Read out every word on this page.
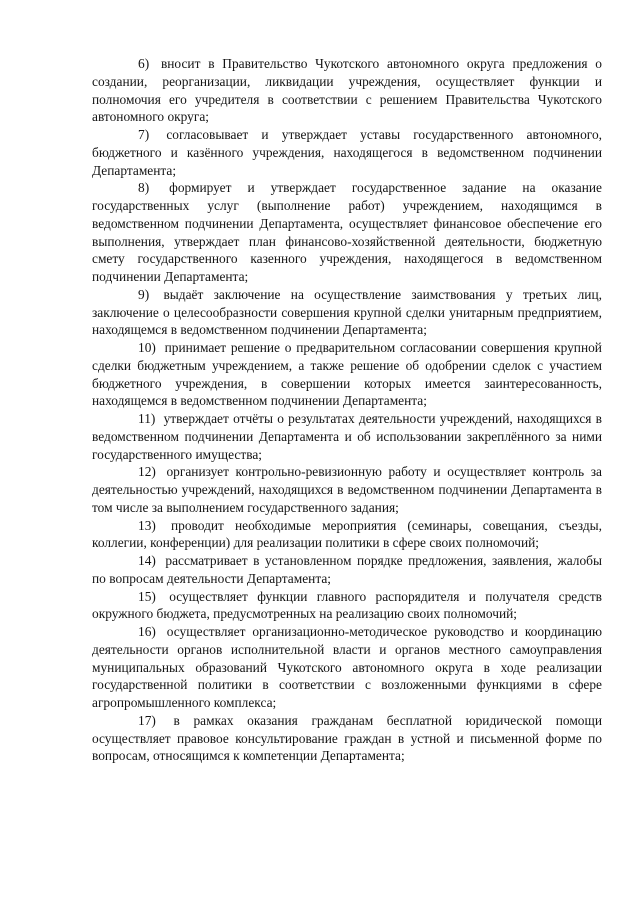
6) вносит в Правительство Чукотского автономного округа предложения о создании, реорганизации, ликвидации учреждения, осуществляет функции и полномочия его учредителя в соответствии с решением Правительства Чукотского автономного округа;

7) согласовывает и утверждает уставы государственного автономного, бюджетного и казённого учреждения, находящегося в ведомственном подчинении Департамента;

8) формирует и утверждает государственное задание на оказание государственных услуг (выполнение работ) учреждением, находящимся в ведомственном подчинении Департамента, осуществляет финансовое обеспечение его выполнения, утверждает план финансово-хозяйственной деятельности, бюджетную смету государственного казенного учреждения, находящегося в ведомственном подчинении Департамента;

9) выдаёт заключение на осуществление заимствования у третьих лиц, заключение о целесообразности совершения крупной сделки унитарным предприятием, находящемся в ведомственном подчинении Департамента;

10) принимает решение о предварительном согласовании совершения крупной сделки бюджетным учреждением, а также решение об одобрении сделок с участием бюджетного учреждения, в совершении которых имеется заинтересованность, находящемся в ведомственном подчинении Департамента;

11) утверждает отчёты о результатах деятельности учреждений, находящихся в ведомственном подчинении Департамента и об использовании закреплённого за ними государственного имущества;

12) организует контрольно-ревизионную работу и осуществляет контроль за деятельностью учреждений, находящихся в ведомственном подчинении Департамента в том числе за выполнением государственного задания;

13) проводит необходимые мероприятия (семинары, совещания, съезды, коллегии, конференции) для реализации политики в сфере своих полномочий;

14) рассматривает в установленном порядке предложения, заявления, жалобы по вопросам деятельности Департамента;

15) осуществляет функции главного распорядителя и получателя средств окружного бюджета, предусмотренных на реализацию своих полномочий;

16) осуществляет организационно-методическое руководство и координацию деятельности органов исполнительной власти и органов местного самоуправления муниципальных образований Чукотского автономного округа в ходе реализации государственной политики в соответствии с возложенными функциями в сфере агропромышленного комплекса;

17) в рамках оказания гражданам бесплатной юридической помощи осуществляет правовое консультирование граждан в устной и письменной форме по вопросам, относящимся к компетенции Департамента;
